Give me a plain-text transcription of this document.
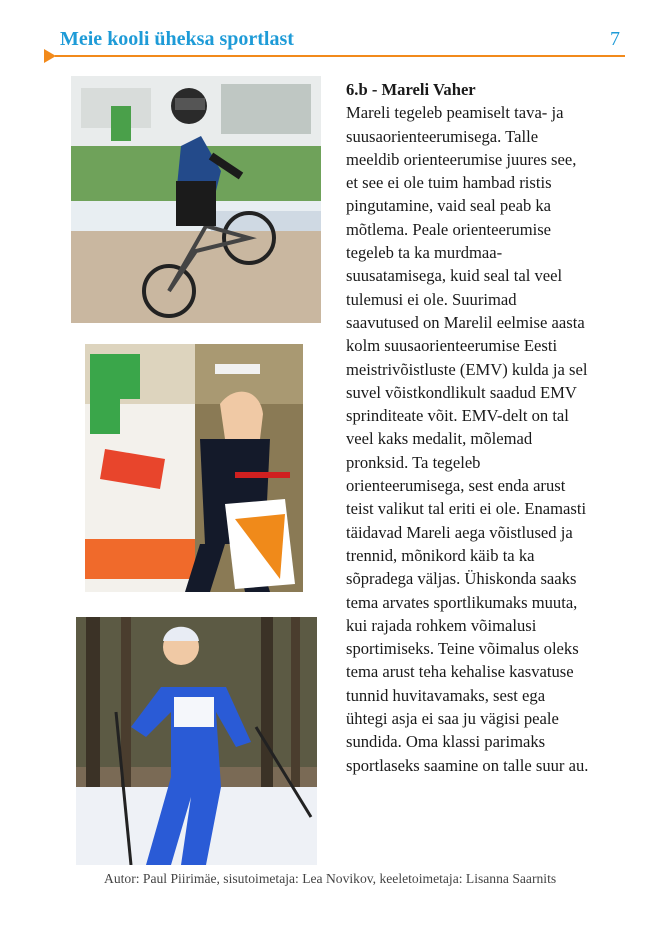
Meie kooli üheksa sportlast	7
6.b - Mareli Vaher
Mareli tegeleb peamiselt tava- ja
suusaorienteerumisega. Talle
meeldib orienteerumise juures see,
et see ei ole tuim hambad ristis
pingutamine, vaid seal peab ka
mõtlema. Peale orienteerumise
tegeleb ta ka murdmaa-
suusatamisega, kuid seal tal veel
tulemusi ei ole. Suurimad
saavutused on Marelil eelmise aasta
kolm suusaorienteerumise Eesti
meistrivõistluste (EMV) kulda ja sel
suvel võistkondlikult saadud EMV
sprinditeate võit. EMV-delt on tal
veel kaks medalit, mõlemad
pronksid. Ta tegeleb
orienteerumisega, sest enda arust
teist valikut tal eriti ei ole. Enamasti
täidavad Mareli aega võistlused ja
trennid, mõnikord käib ta ka
sõpradega väljas. Ühiskonda saaks
tema arvates sportlikumaks muuta,
kui rajada rohkem võimalusi
sportimiseks. Teine võimalus oleks
tema arust teha kehalise kasvatuse
tunnid huvitavamaks, sest ega
ühtegi asja ei saa ju vägisi peale
sundida. Oma klassi parimaks
sportlaseks saamine on talle suur au.
Autor: Paul Piirimäe, sisutoimetaja: Lea Novikov, keeletoimetaja: Lisanna Saarnits
